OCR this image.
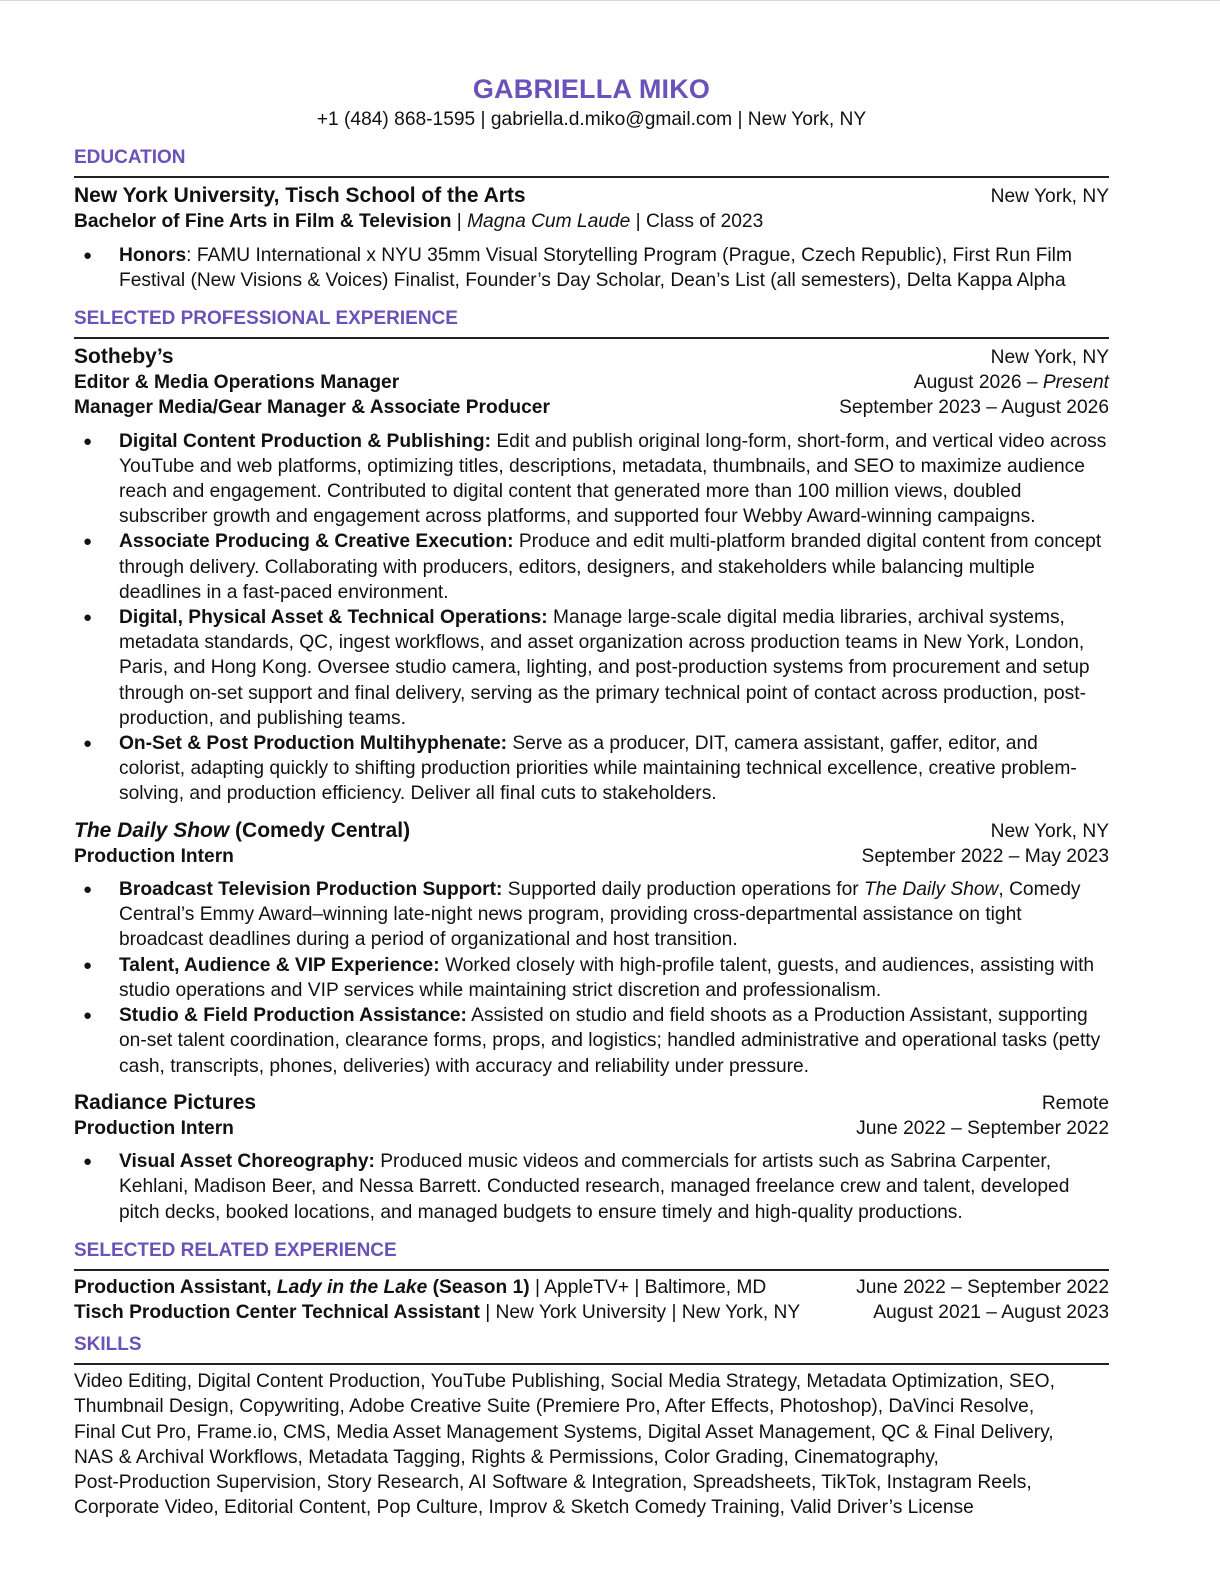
GABRIELLA MIKO
+1 (484) 868-1595 | gabriella.d.miko@gmail.com | New York, NY
EDUCATION
New York University, Tisch School of the Arts	New York, NY
Bachelor of Fine Arts in Film & Television | Magna Cum Laude | Class of 2023
● Honors: FAMU International x NYU 35mm Visual Storytelling Program (Prague, Czech Republic), First Run Film Festival (New Visions & Voices) Finalist, Founder’s Day Scholar, Dean’s List (all semesters), Delta Kappa Alpha
SELECTED PROFESSIONAL EXPERIENCE
Sotheby’s	New York, NY
Editor & Media Operations Manager	August 2026 – Present
Manager Media/Gear Manager & Associate Producer	September 2023 – August 2026
● Digital Content Production & Publishing: Edit and publish original long-form, short-form, and vertical video across YouTube and web platforms, optimizing titles, descriptions, metadata, thumbnails, and SEO to maximize audience reach and engagement. Contributed to digital content that generated more than 100 million views, doubled subscriber growth and engagement across platforms, and supported four Webby Award-winning campaigns.
● Associate Producing & Creative Execution: Produce and edit multi-platform branded digital content from concept through delivery. Collaborating with producers, editors, designers, and stakeholders while balancing multiple deadlines in a fast-paced environment.
● Digital, Physical Asset & Technical Operations: Manage large-scale digital media libraries, archival systems, metadata standards, QC, ingest workflows, and asset organization across production teams in New York, London, Paris, and Hong Kong. Oversee studio camera, lighting, and post-production systems from procurement and setup through on-set support and final delivery, serving as the primary technical point of contact across production, post-production, and publishing teams.
● On-Set & Post Production Multihyphenate: Serve as a producer, DIT, camera assistant, gaffer, editor, and colorist, adapting quickly to shifting production priorities while maintaining technical excellence, creative problem-solving, and production efficiency. Deliver all final cuts to stakeholders.
The Daily Show (Comedy Central)	New York, NY
Production Intern	September 2022 – May 2023
● Broadcast Television Production Support: Supported daily production operations for The Daily Show, Comedy Central’s Emmy Award–winning late-night news program, providing cross-departmental assistance on tight broadcast deadlines during a period of organizational and host transition.
● Talent, Audience & VIP Experience: Worked closely with high-profile talent, guests, and audiences, assisting with studio operations and VIP services while maintaining strict discretion and professionalism.
● Studio & Field Production Assistance: Assisted on studio and field shoots as a Production Assistant, supporting on-set talent coordination, clearance forms, props, and logistics; handled administrative and operational tasks (petty cash, transcripts, phones, deliveries) with accuracy and reliability under pressure.
Radiance Pictures	Remote
Production Intern	June 2022 – September 2022
● Visual Asset Choreography: Produced music videos and commercials for artists such as Sabrina Carpenter, Kehlani, Madison Beer, and Nessa Barrett. Conducted research, managed freelance crew and talent, developed pitch decks, booked locations, and managed budgets to ensure timely and high-quality productions.
SELECTED RELATED EXPERIENCE
Production Assistant, Lady in the Lake (Season 1) | AppleTV+ | Baltimore, MD	June 2022 – September 2022
Tisch Production Center Technical Assistant | New York University | New York, NY	August 2021 – August 2023
SKILLS
Video Editing, Digital Content Production, YouTube Publishing, Social Media Strategy, Metadata Optimization, SEO,
Thumbnail Design, Copywriting, Adobe Creative Suite (Premiere Pro, After Effects, Photoshop), DaVinci Resolve,
Final Cut Pro, Frame.io, CMS, Media Asset Management Systems, Digital Asset Management, QC & Final Delivery,
NAS & Archival Workflows, Metadata Tagging, Rights & Permissions, Color Grading, Cinematography,
Post-Production Supervision, Story Research, AI Software & Integration, Spreadsheets, TikTok, Instagram Reels,
Corporate Video, Editorial Content, Pop Culture, Improv & Sketch Comedy Training, Valid Driver’s License
